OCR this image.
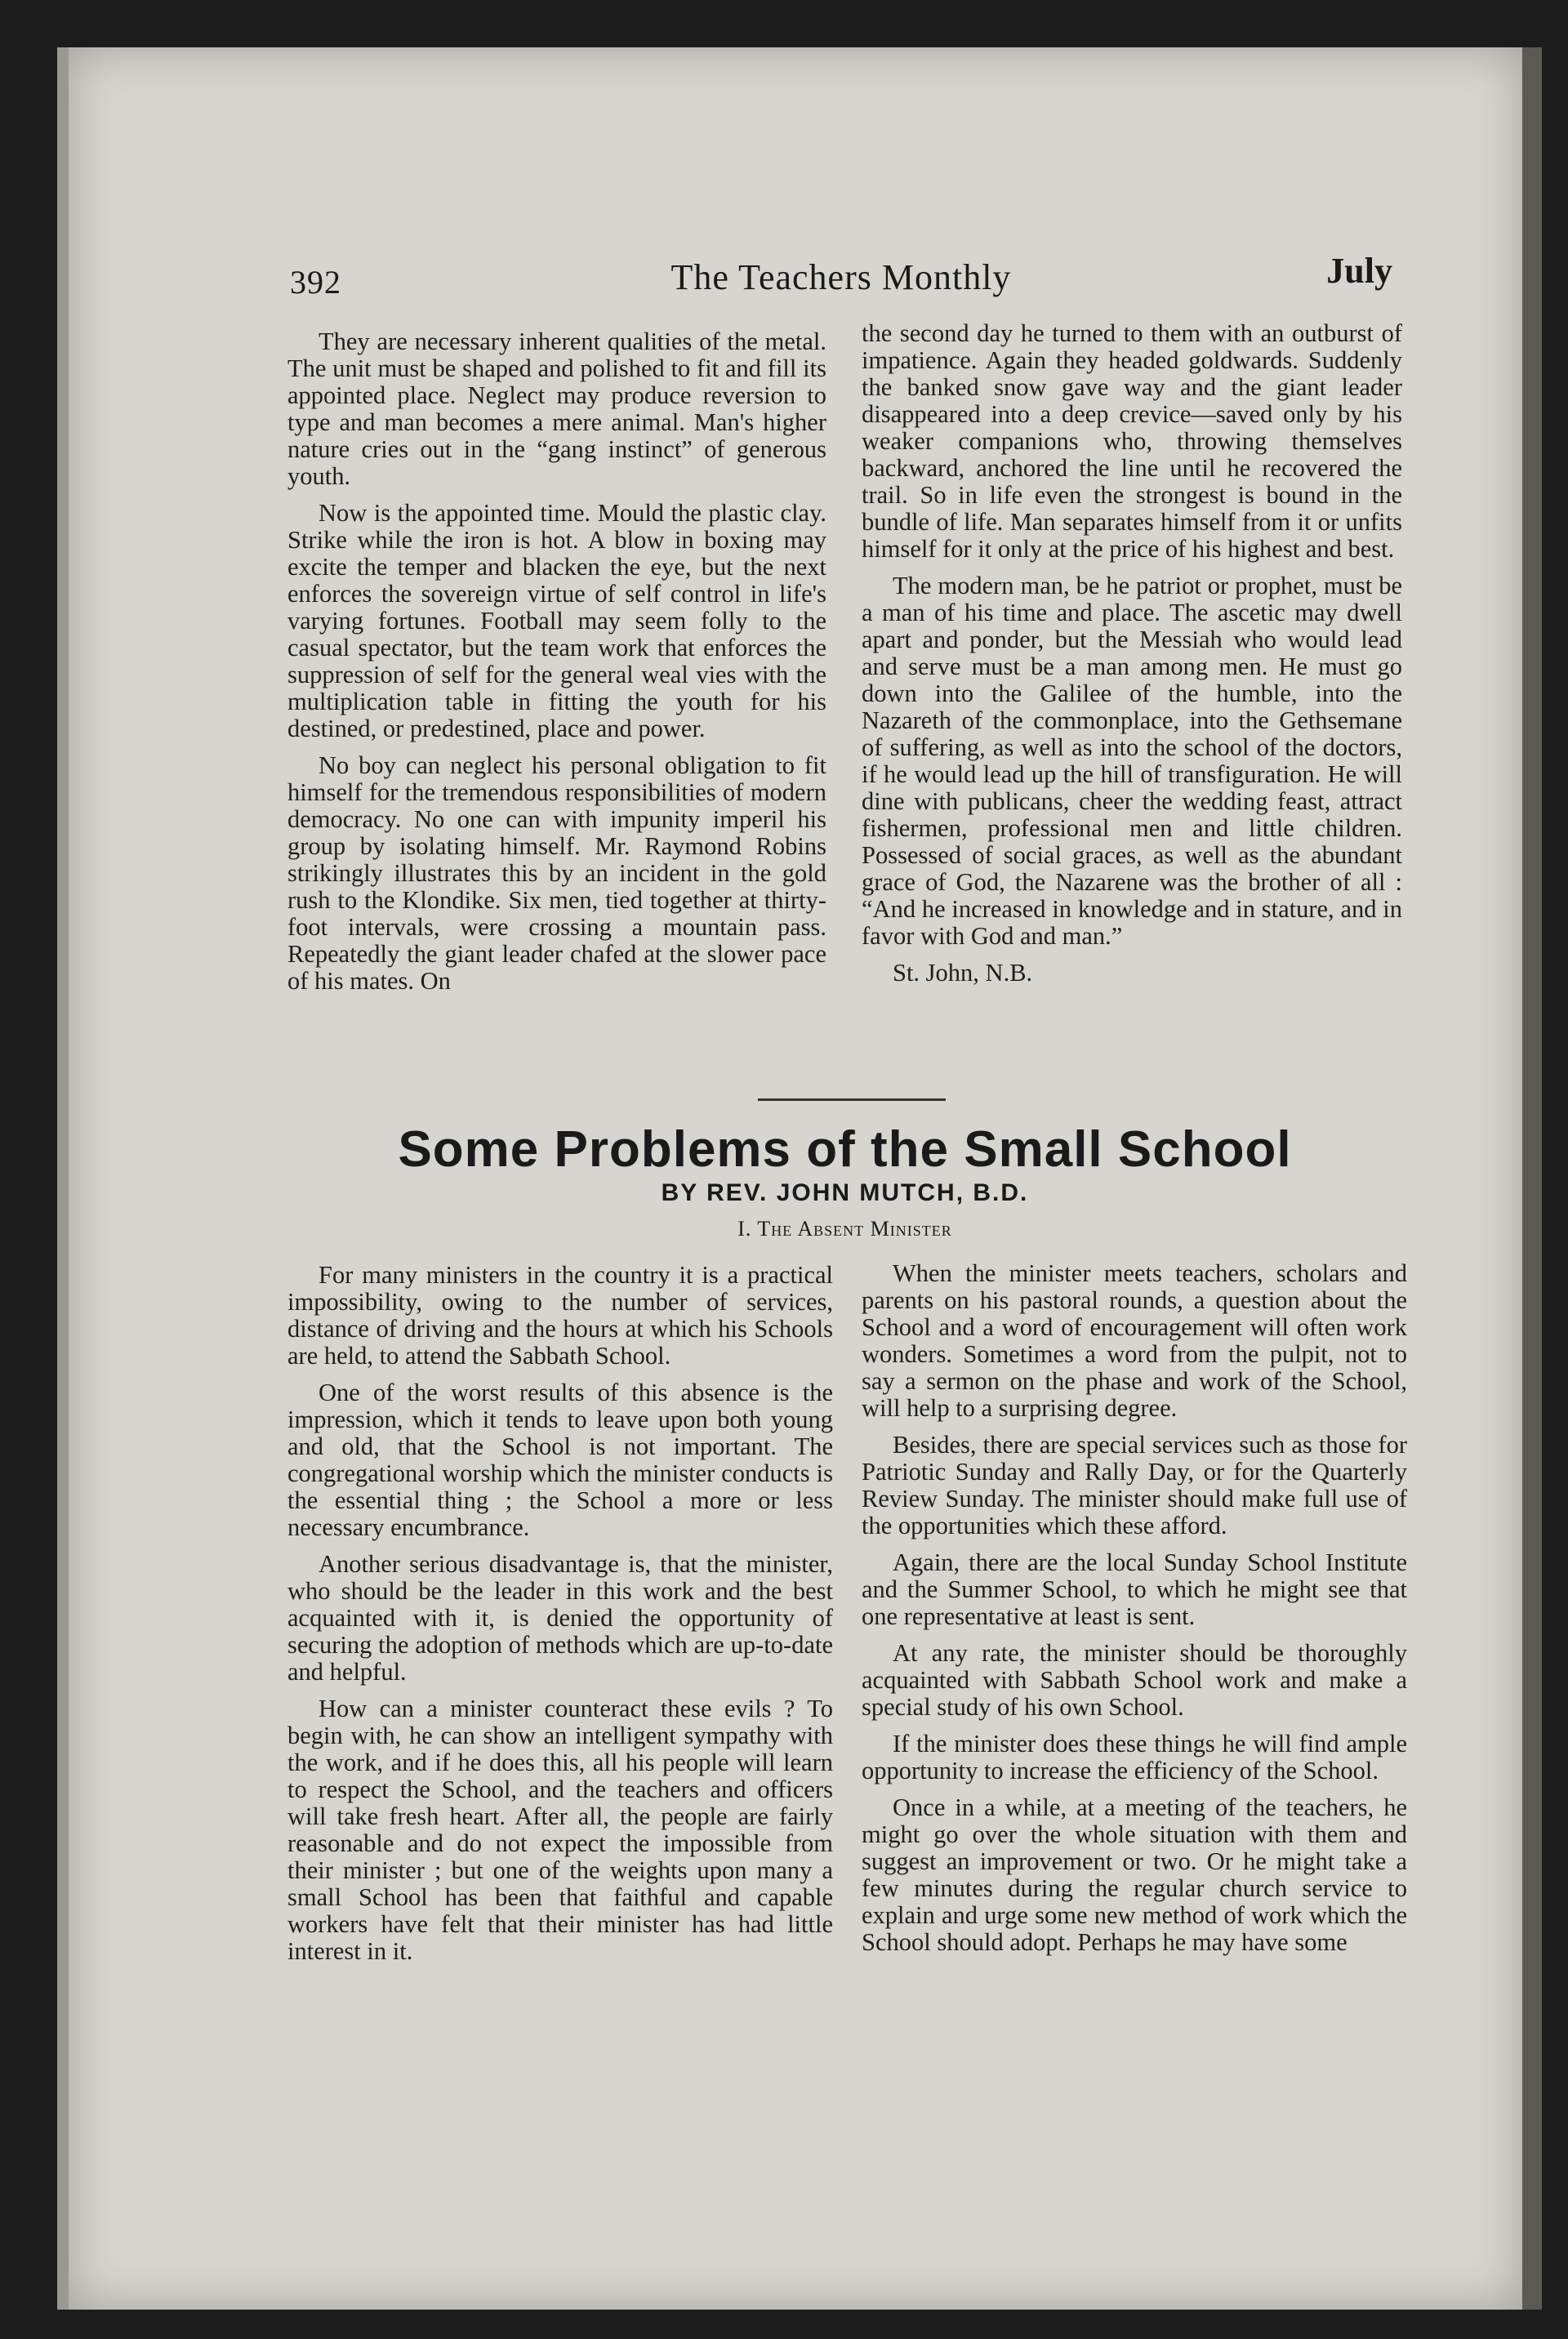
392	The Teachers Monthly	July

They are necessary inherent qualities of the metal. The unit must be shaped and polished to fit and fill its appointed place. Neglect may produce reversion to type and man becomes a mere animal. Man's higher nature cries out in the “gang instinct” of generous youth.

Now is the appointed time. Mould the plastic clay. Strike while the iron is hot. A blow in boxing may excite the temper and blacken the eye, but the next enforces the sovereign virtue of self control in life's varying fortunes. Football may seem folly to the casual spectator, but the team work that enforces the suppression of self for the general weal vies with the multiplication table in fitting the youth for his destined, or predestined, place and power.

No boy can neglect his personal obligation to fit himself for the tremendous responsibilities of modern democracy. No one can with impunity imperil his group by isolating himself. Mr. Raymond Robins strikingly illustrates this by an incident in the gold rush to the Klondike. Six men, tied together at thirty-foot intervals, were crossing a mountain pass. Repeatedly the giant leader chafed at the slower pace of his mates. On

the second day he turned to them with an outburst of impatience. Again they headed goldwards. Suddenly the banked snow gave way and the giant leader disappeared into a deep crevice—saved only by his weaker companions who, throwing themselves backward, anchored the line until he recovered the trail. So in life even the strongest is bound in the bundle of life. Man separates himself from it or unfits himself for it only at the price of his highest and best.

The modern man, be he patriot or prophet, must be a man of his time and place. The ascetic may dwell apart and ponder, but the Messiah who would lead and serve must be a man among men. He must go down into the Galilee of the humble, into the Nazareth of the commonplace, into the Gethsemane of suffering, as well as into the school of the doctors, if he would lead up the hill of transfiguration. He will dine with publicans, cheer the wedding feast, attract fishermen, professional men and little children. Possessed of social graces, as well as the abundant grace of God, the Nazarene was the brother of all : “And he increased in knowledge and in stature, and in favor with God and man.”

St. John, N.B.

Some Problems of the Small School
BY REV. JOHN MUTCH, B.D.
I. The Absent Minister

For many ministers in the country it is a practical impossibility, owing to the number of services, distance of driving and the hours at which his Schools are held, to attend the Sabbath School.

One of the worst results of this absence is the impression, which it tends to leave upon both young and old, that the School is not important. The congregational worship which the minister conducts is the essential thing ; the School a more or less necessary encumbrance.

Another serious disadvantage is, that the minister, who should be the leader in this work and the best acquainted with it, is denied the opportunity of securing the adoption of methods which are up-to-date and helpful.

How can a minister counteract these evils ? To begin with, he can show an intelligent sympathy with the work, and if he does this, all his people will learn to respect the School, and the teachers and officers will take fresh heart. After all, the people are fairly reasonable and do not expect the impossible from their minister ; but one of the weights upon many a small School has been that faithful and capable workers have felt that their minister has had little interest in it.

When the minister meets teachers, scholars and parents on his pastoral rounds, a question about the School and a word of encouragement will often work wonders. Sometimes a word from the pulpit, not to say a sermon on the phase and work of the School, will help to a surprising degree.

Besides, there are special services such as those for Patriotic Sunday and Rally Day, or for the Quarterly Review Sunday. The minister should make full use of the opportunities which these afford.

Again, there are the local Sunday School Institute and the Summer School, to which he might see that one representative at least is sent.

At any rate, the minister should be thoroughly acquainted with Sabbath School work and make a special study of his own School.

If the minister does these things he will find ample opportunity to increase the efficiency of the School.

Once in a while, at a meeting of the teachers, he might go over the whole situation with them and suggest an improvement or two. Or he might take a few minutes during the regular church service to explain and urge some new method of work which the School should adopt. Perhaps he may have some
